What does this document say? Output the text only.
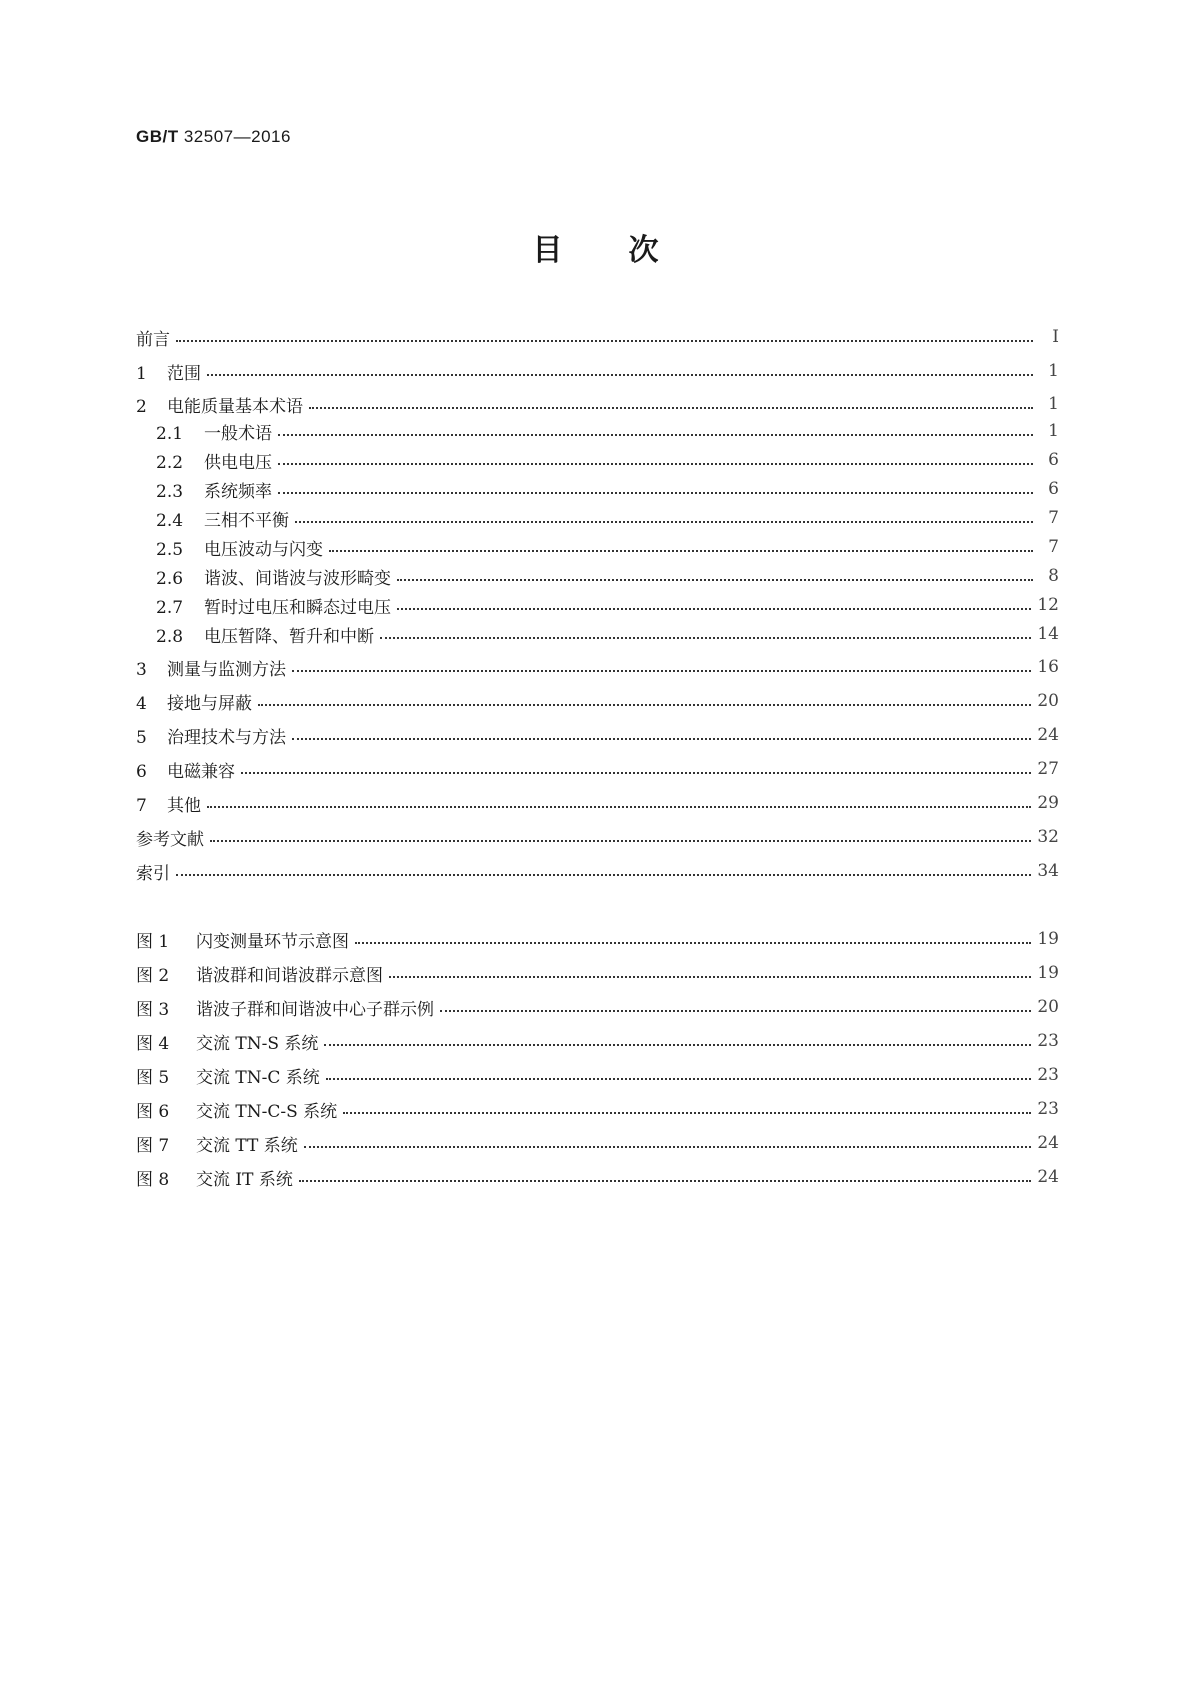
GB/T 32507—2016
目次
前言	Ⅰ
1 范围	1
2 电能质量基本术语	1
2.1 一般术语	1
2.2 供电电压	6
2.3 系统频率	6
2.4 三相不平衡	7
2.5 电压波动与闪变	7
2.6 谐波、间谐波与波形畸变	8
2.7 暂时过电压和瞬态过电压	12
2.8 电压暂降、暂升和中断	14
3 测量与监测方法	16
4 接地与屏蔽	20
5 治理技术与方法	24
6 电磁兼容	27
7 其他	29
参考文献	32
索引	34
图 1 闪变测量环节示意图	19
图 2 谐波群和间谐波群示意图	19
图 3 谐波子群和间谐波中心子群示例	20
图 4 交流 TN-S 系统	23
图 5 交流 TN-C 系统	23
图 6 交流 TN-C-S 系统	23
图 7 交流 TT 系统	24
图 8 交流 IT 系统	24
